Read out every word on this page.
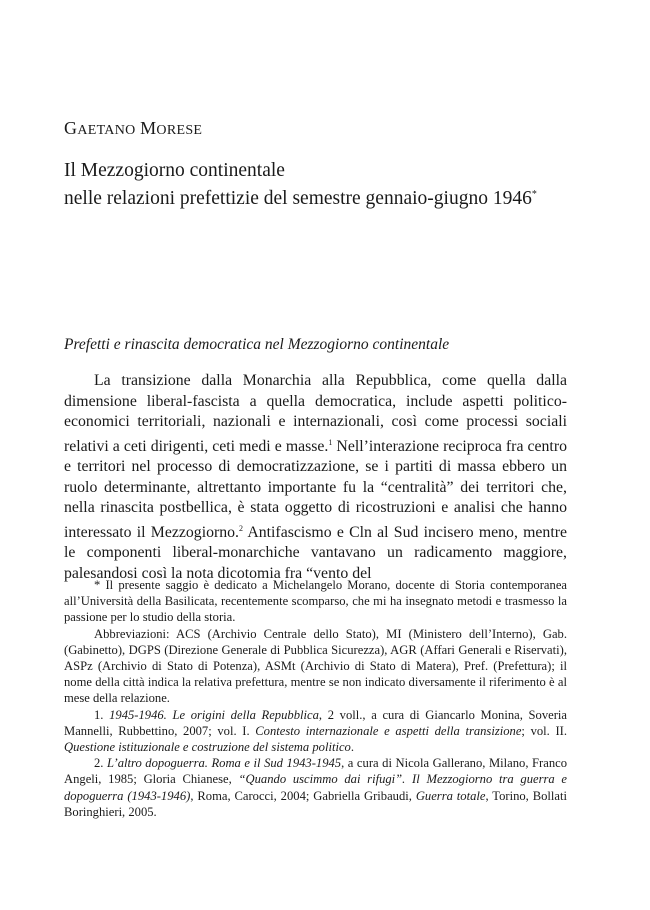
GAETANO MORESE
Il Mezzogiorno continentale
nelle relazioni prefettizie del semestre gennaio-giugno 1946*
Prefetti e rinascita democratica nel Mezzogiorno continentale

La transizione dalla Monarchia alla Repubblica, come quella dalla dimensione liberal-fascista a quella democratica, include aspetti politico-economici territoriali, nazionali e internazionali, così come processi sociali relativi a ceti dirigenti, ceti medi e masse.$^1$ Nell’interazione reciproca fra centro e territori nel processo di democratizzazione, se i partiti di massa ebbero un ruolo determinante, altrettanto importante fu la “centralità” dei territori che, nella rinascita postbellica, è stata oggetto di ricostruzioni e analisi che hanno interessato il Mezzogiorno.$^2$ Antifascismo e Cln al Sud incisero meno, mentre le componenti liberal-monarchiche vantavano un radicamento maggiore, palesandosi così la nota dicotomia fra “vento del

* Il presente saggio è dedicato a Michelangelo Morano, docente di Storia contemporanea all’Università della Basilicata, recentemente scomparso, che mi ha insegnato metodi e trasmesso la passione per lo studio della storia.

Abbreviazioni: ACS (Archivio Centrale dello Stato), MI (Ministero dell’Interno), Gab. (Gabinetto), DGPS (Direzione Generale di Pubblica Sicurezza), AGR (Affari Generali e Riservati), ASPz (Archivio di Stato di Potenza), ASMt (Archivio di Stato di Matera), Pref. (Prefettura); il nome della città indica la relativa prefettura, mentre se non indicato diversamente il riferimento è al mese della relazione.

1. 1945-1946. Le origini della Repubblica, 2 voll., a cura di Giancarlo Monina, Soveria Mannelli, Rubbettino, 2007; vol. I. Contesto internazionale e aspetti della transizione; vol. II. Questione istituzionale e costruzione del sistema politico.

2. L’altro dopoguerra. Roma e il Sud 1943-1945, a cura di Nicola Gallerano, Milano, Franco Angeli, 1985; Gloria Chianese, “Quando uscimmo dai rifugi”. Il Mezzogiorno tra guerra e dopoguerra (1943-1946), Roma, Carocci, 2004; Gabriella Gribaudi, Guerra totale, Torino, Bollati Boringhieri, 2005.
